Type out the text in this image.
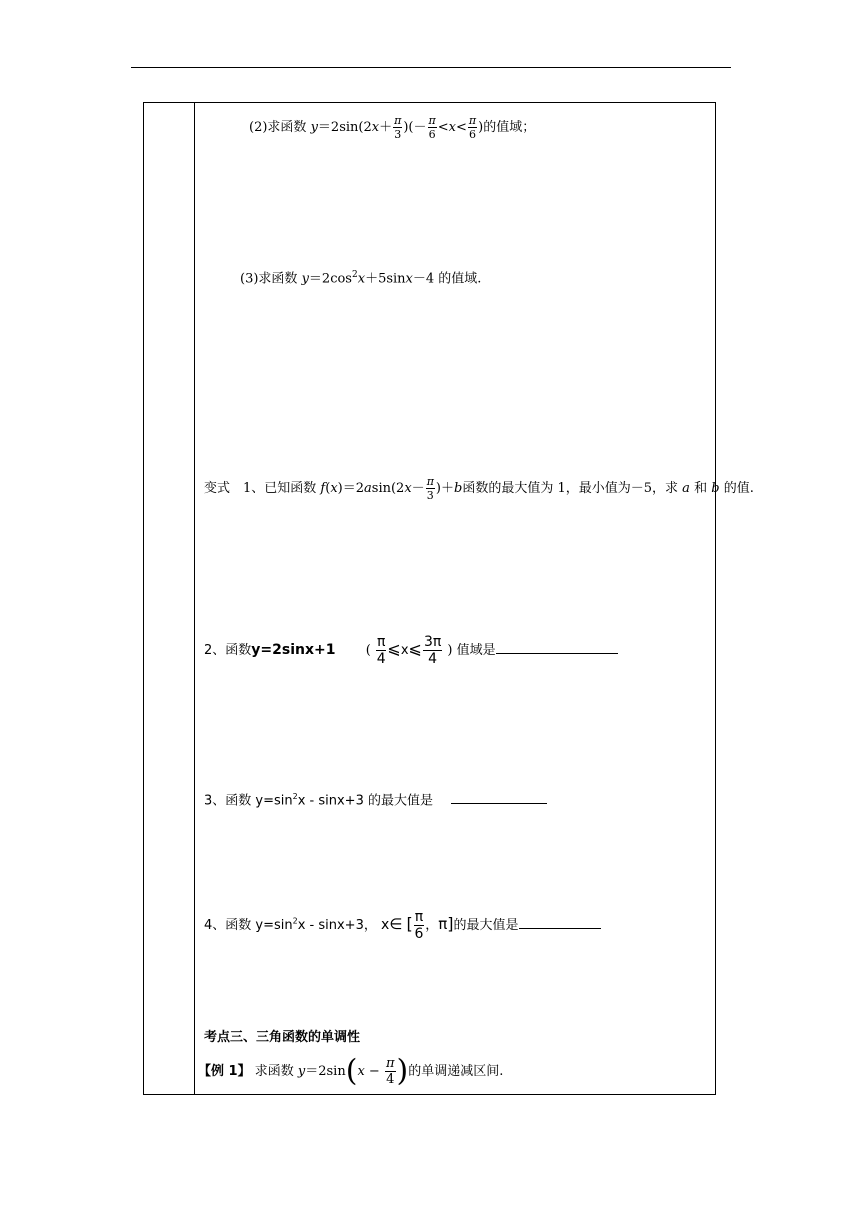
(2)求函数 $y=2\sin(2x+ \frac{\pi}{3}$ )(－ $\frac{\pi}{6} <x< \frac{\pi}{6}$ )的值域；
(3)求函数 $y=2\cos^2x+5\sin x-4$ 的值域.
变式　1、已知函数 $f(x)=2asin(2x- \frac{\pi}{3} )+b$函数的最大值为 1，最小值为－5，求 a 和 b 的值.
2、函数y=2sinx+1 ( $\frac{\pi}{4}$ ⩽x⩽ $\frac{3\pi}{4}$ ) 值域是
3、函数 $y=\sin^2x - \sin x+3$ 的最大值是
4、函数 $y=\sin^2x - \sin x+3$， x∈ [ $\frac{\pi}{6}$ ，π]的最大值是
考点三、三角函数的单调性
【例 1】 求函数 $y=2\sin(x - \frac{\pi}{4}$ )的单调递减区间.
